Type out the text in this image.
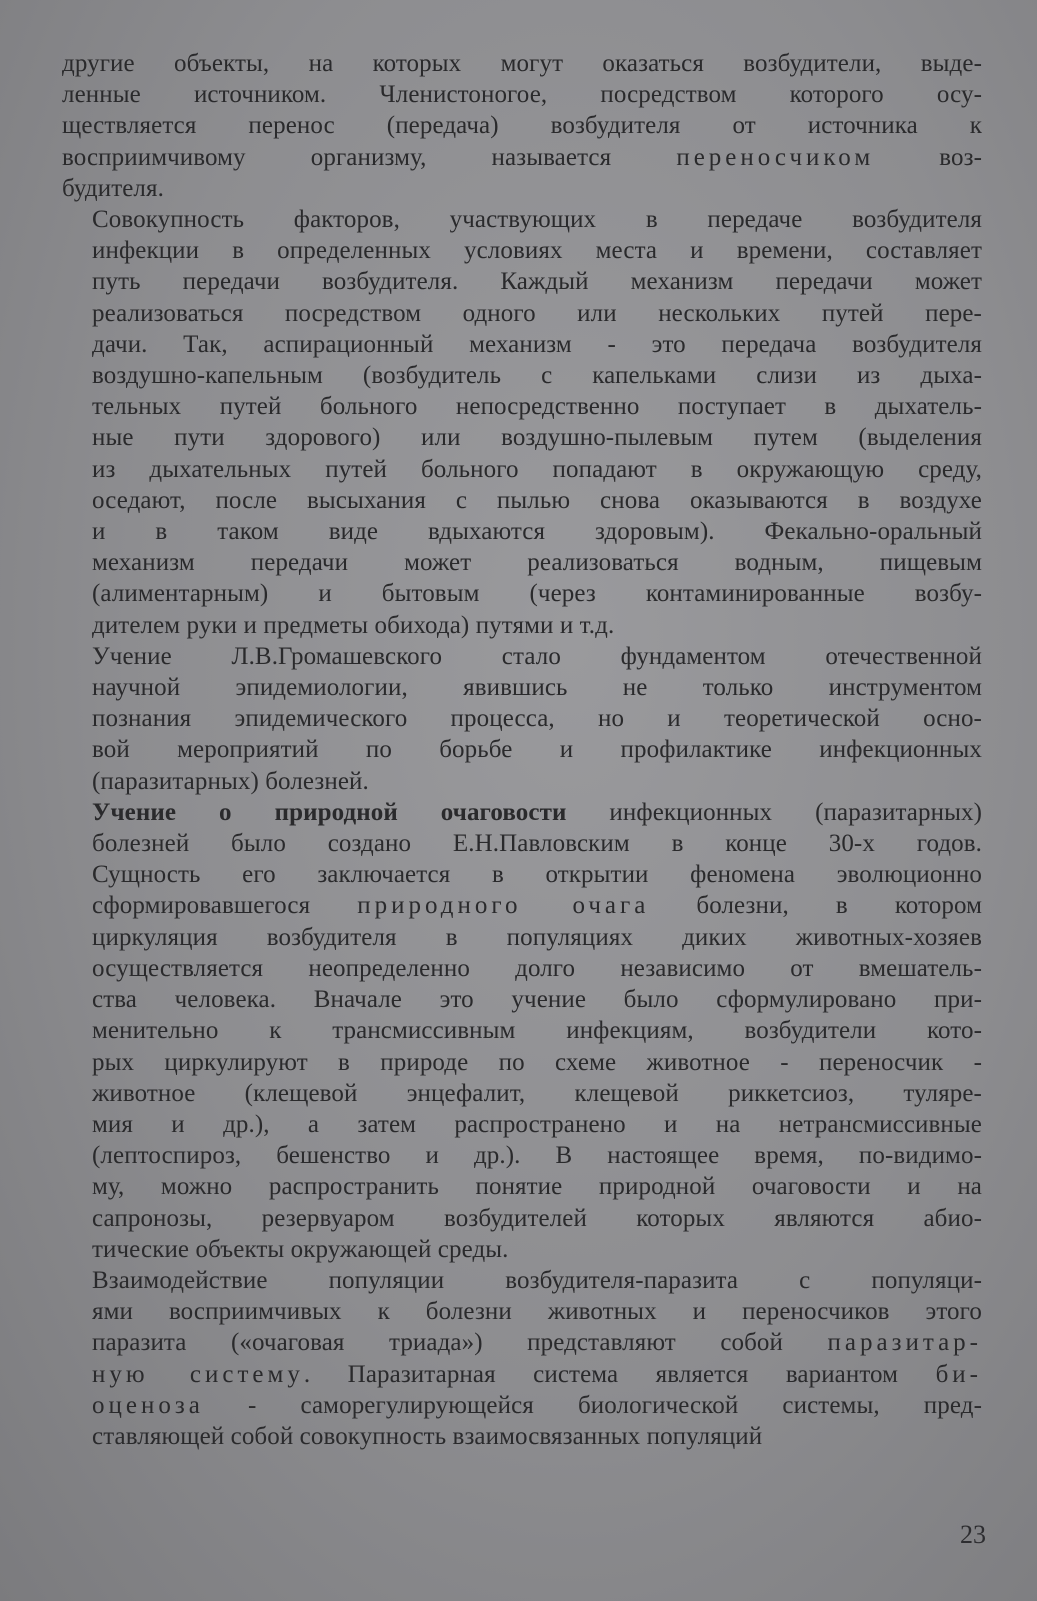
другие объекты, на которых могут оказаться возбудители, выде-
ленные источником. Членистоногое, посредством которого осу-
ществляется перенос (передача) возбудителя от источника к
восприимчивому организму, называется переносчиком воз-
будителя.

Совокупность факторов, участвующих в передаче возбудителя
инфекции в определенных условиях места и времени, составляет
путь передачи возбудителя. Каждый механизм передачи может
реализоваться посредством одного или нескольких путей пере-
дачи. Так, аспирационный механизм - это передача возбудителя
воздушно-капельным (возбудитель с капельками слизи из дыха-
тельных путей больного непосредственно поступает в дыхатель-
ные пути здорового) или воздушно-пылевым путем (выделения
из дыхательных путей больного попадают в окружающую среду,
оседают, после высыхания с пылью снова оказываются в воздухе
и в таком виде вдыхаются здоровым). Фекально-оральный
механизм передачи может реализоваться водным, пищевым
(алиментарным) и бытовым (через контаминированные возбу-
дителем руки и предметы обихода) путями и т.д.

Учение Л.В.Громашевского стало фундаментом отечественной
научной эпидемиологии, явившись не только инструментом
познания эпидемического процесса, но и теоретической осно-
вой мероприятий по борьбе и профилактике инфекционных
(паразитарных) болезней.

Учение о природной очаговости инфекционных (паразитарных)
болезней было создано Е.Н.Павловским в конце 30-х годов.
Сущность его заключается в открытии феномена эволюционно
сформировавшегося природного очага болезни, в котором
циркуляция возбудителя в популяциях диких животных-хозяев
осуществляется неопределенно долго независимо от вмешатель-
ства человека. Вначале это учение было сформулировано при-
менительно к трансмиссивным инфекциям, возбудители кото-
рых циркулируют в природе по схеме животное - переносчик -
животное (клещевой энцефалит, клещевой риккетсиоз, туляре-
мия и др.), а затем распространено и на нетрансмиссивные
(лептоспироз, бешенство и др.). В настоящее время, по-видимо-
му, можно распространить понятие природной очаговости и на
сапронозы, резервуаром возбудителей которых являются абио-
тические объекты окружающей среды.

Взаимодействие популяции возбудителя-паразита с популяци-
ями восприимчивых к болезни животных и переносчиков этого
паразита («очаговая триада») представляют собой паразитар-
ную систему. Паразитарная система является вариантом би-
оценоза - саморегулирующейся биологической системы, пред-
ставляющей собой совокупность взаимосвязанных популяций

23
